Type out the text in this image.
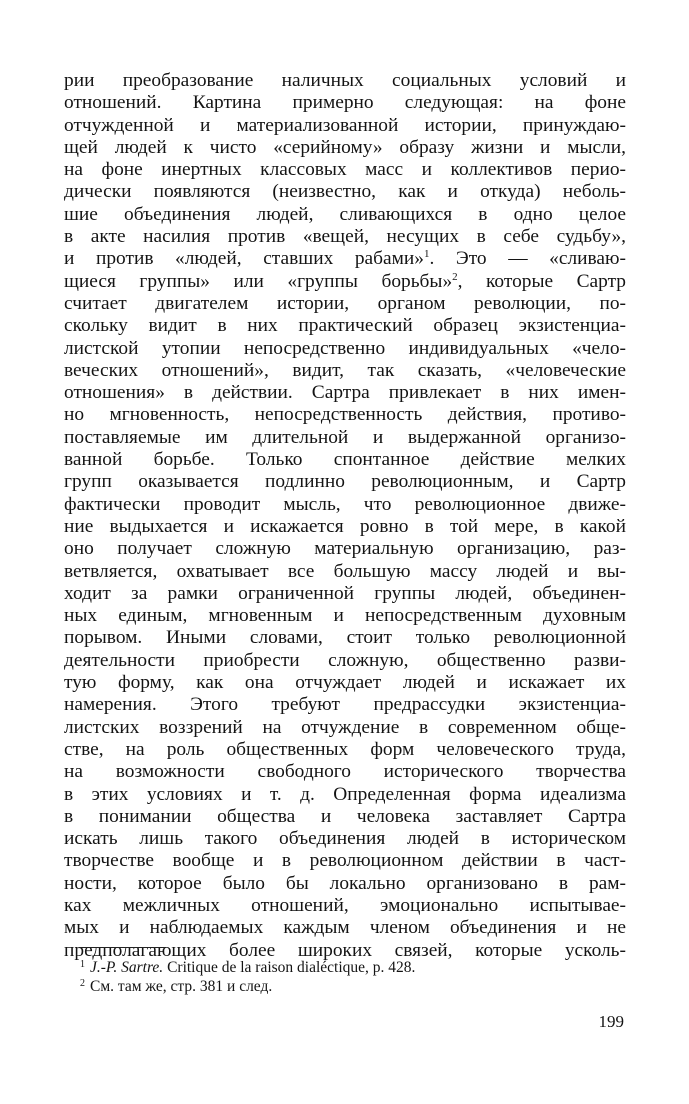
рии преобразование наличных социальных условий и
отношений. Картина примерно следующая: на фоне
отчужденной и материализованной истории, принуждаю-
щей людей к чисто «серийному» образу жизни и мысли,
на фоне инертных классовых масс и коллективов перио-
дически появляются (неизвестно, как и откуда) неболь-
шие объединения людей, сливающихся в одно целое
в акте насилия против «вещей, несущих в себе судьбу»,
и против «людей, ставших рабами»$^1$. Это — «сливаю-
щиеся группы» или «группы борьбы»$^2$, которые Сартр
считает двигателем истории, органом революции, по-
скольку видит в них практический образец экзистенциа-
листской утопии непосредственно индивидуальных «чело-
веческих отношений», видит, так сказать, «человеческие
отношения» в действии. Сартра привлекает в них имен-
но мгновенность, непосредственность действия, противо-
поставляемые им длительной и выдержанной организо-
ванной борьбе. Только спонтанное действие мелких
групп оказывается подлинно революционным, и Сартр
фактически проводит мысль, что революционное движе-
ние выдыхается и искажается ровно в той мере, в какой
оно получает сложную материальную организацию, раз-
ветвляется, охватывает все большую массу людей и вы-
ходит за рамки ограниченной группы людей, объединен-
ных единым, мгновенным и непосредственным духовным
порывом. Иными словами, стоит только революционной
деятельности приобрести сложную, общественно разви-
тую форму, как она отчуждает людей и искажает их
намерения. Этого требуют предрассудки экзистенциа-
листских воззрений на отчуждение в современном обще-
стве, на роль общественных форм человеческого труда,
на возможности свободного исторического творчества
в этих условиях и т. д. Определенная форма идеализма
в понимании общества и человека заставляет Сартра
искать лишь такого объединения людей в историческом
творчестве вообще и в революционном действии в част-
ности, которое было бы локально организовано в рам-
ках межличных отношений, эмоционально испытывае-
мых и наблюдаемых каждым членом объединения и не
предполагающих более широких связей, которые усколь-
$^1$ J.-P. Sartre. Critique de la raison dialéctique, p. 428.
$^2$ См. там же, стр. 381 и след.
199
